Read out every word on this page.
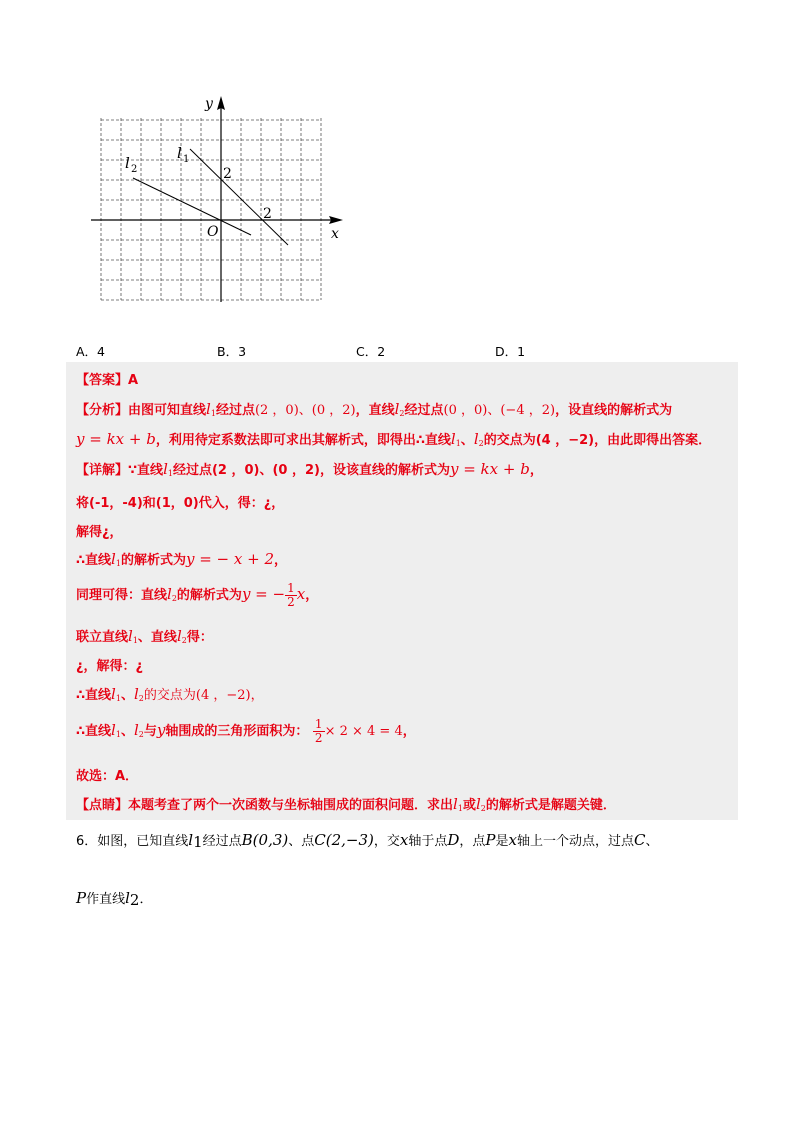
y
x
O
l 1
l 2	2
2
A．4	B．3	C．2	D．1
【答案】A
【分析】由图可知直线$l_1$经过点(2 ，0)、(0 ，2)，直线$l_2$经过点(0 ，0)、(−4 ，2)，设直线的解析式为
y = kx + b，利用待定系数法即可求出其解析式，即得出∴直线$l_1$、$l_2$的交点为(4 ，−2)，由此即得出答案．
【详解】∵直线$l_1$经过点(2 ，0)、(0 ，2)，设该直线的解析式为y = kx + b，
将(-1，-4)和(1，0)代入，得：¿，
解得¿，
∴直线$l_1$的解析式为y = − x + 2，
同理可得：直线$l_2$的解析式为y = − $\frac{1}{2}$ x，
联立直线$l_1$、直线$l_2$得：
¿，解得：¿
∴直线$l_1$、$l_2$的交点为(4 ，−2)，
∴直线$l_1$、$l_2$与y轴围成的三角形面积为： $\frac{1}{2} \times 2 \times 4 = 4$，
故选：A．
【点睛】本题考查了两个一次函数与坐标轴围成的面积问题．求出$l_1$或$l_2$的解析式是解题关键．
6．如图，已知直线$l_1$经过点B(0,3)、点C(2,−3)，交x轴于点D，点P是x轴上一个动点，过点C、
P作直线$l_2$．
